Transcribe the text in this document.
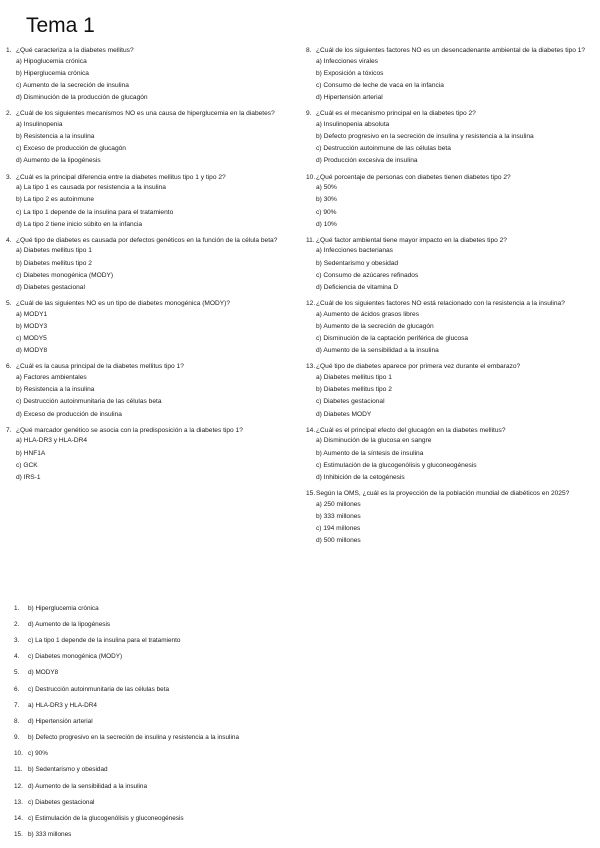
Tema 1
1. ¿Qué caracteriza a la diabetes mellitus?
a) Hipoglucemia crónica
b) Hiperglucemia crónica
c) Aumento de la secreción de insulina
d) Disminución de la producción de glucagón
2. ¿Cuál de los siguientes mecanismos NO es una causa de hiperglucemia en la diabetes?
a) Insulinopenia
b) Resistencia a la insulina
c) Exceso de producción de glucagón
d) Aumento de la lipogénesis
3. ¿Cuál es la principal diferencia entre la diabetes mellitus tipo 1 y tipo 2?
a) La tipo 1 es causada por resistencia a la insulina
b) La tipo 2 es autoinmune
c) La tipo 1 depende de la insulina para el tratamiento
d) La tipo 2 tiene inicio súbito en la infancia
4. ¿Qué tipo de diabetes es causada por defectos genéticos en la función de la célula beta?
a) Diabetes mellitus tipo 1
b) Diabetes mellitus tipo 2
c) Diabetes monogénica (MODY)
d) Diabetes gestacional
5. ¿Cuál de las siguientes NO es un tipo de diabetes monogénica (MODY)?
a) MODY1
b) MODY3
c) MODY5
d) MODY8
6. ¿Cuál es la causa principal de la diabetes mellitus tipo 1?
a) Factores ambientales
b) Resistencia a la insulina
c) Destrucción autoinmunitaria de las células beta
d) Exceso de producción de insulina
7. ¿Qué marcador genético se asocia con la predisposición a la diabetes tipo 1?
a) HLA-DR3 y HLA-DR4
b) HNF1A
c) GCK
d) IRS-1
8. ¿Cuál de los siguientes factores NO es un desencadenante ambiental de la diabetes tipo 1?
a) Infecciones virales
b) Exposición a tóxicos
c) Consumo de leche de vaca en la infancia
d) Hipertensión arterial
9. ¿Cuál es el mecanismo principal en la diabetes tipo 2?
a) Insulinopenia absoluta
b) Defecto progresivo en la secreción de insulina y resistencia a la insulina
c) Destrucción autoinmune de las células beta
d) Producción excesiva de insulina
10. ¿Qué porcentaje de personas con diabetes tienen diabetes tipo 2?
a) 50%
b) 30%
c) 90%
d) 10%
11. ¿Qué factor ambiental tiene mayor impacto en la diabetes tipo 2?
a) Infecciones bacterianas
b) Sedentarismo y obesidad
c) Consumo de azúcares refinados
d) Deficiencia de vitamina D
12. ¿Cuál de los siguientes factores NO está relacionado con la resistencia a la insulina?
a) Aumento de ácidos grasos libres
b) Aumento de la secreción de glucagón
c) Disminución de la captación periférica de glucosa
d) Aumento de la sensibilidad a la insulina
13. ¿Qué tipo de diabetes aparece por primera vez durante el embarazo?
a) Diabetes mellitus tipo 1
b) Diabetes mellitus tipo 2
c) Diabetes gestacional
d) Diabetes MODY
14. ¿Cuál es el principal efecto del glucagón en la diabetes mellitus?
a) Disminución de la glucosa en sangre
b) Aumento de la síntesis de insulina
c) Estimulación de la glucogenólisis y gluconeogénesis
d) Inhibición de la cetogénesis
15. Según la OMS, ¿cuál es la proyección de la población mundial de diabéticos en 2025?
a) 250 millones
b) 333 millones
c) 194 millones
d) 500 millones
1.	b) Hiperglucemia crónica
2.	d) Aumento de la lipogénesis
3.	c) La tipo 1 depende de la insulina para el tratamiento
4.	c) Diabetes monogénica (MODY)
5.	d) MODY8
6.	c) Destrucción autoinmunitaria de las células beta
7.	a) HLA-DR3 y HLA-DR4
8.	d) Hipertensión arterial
9.	b) Defecto progresivo en la secreción de insulina y resistencia a la insulina
10. c) 90%
11. b) Sedentarismo y obesidad
12. d) Aumento de la sensibilidad a la insulina
13. c) Diabetes gestacional
14. c) Estimulación de la glucogenólisis y gluconeogénesis
15. b) 333 millones
